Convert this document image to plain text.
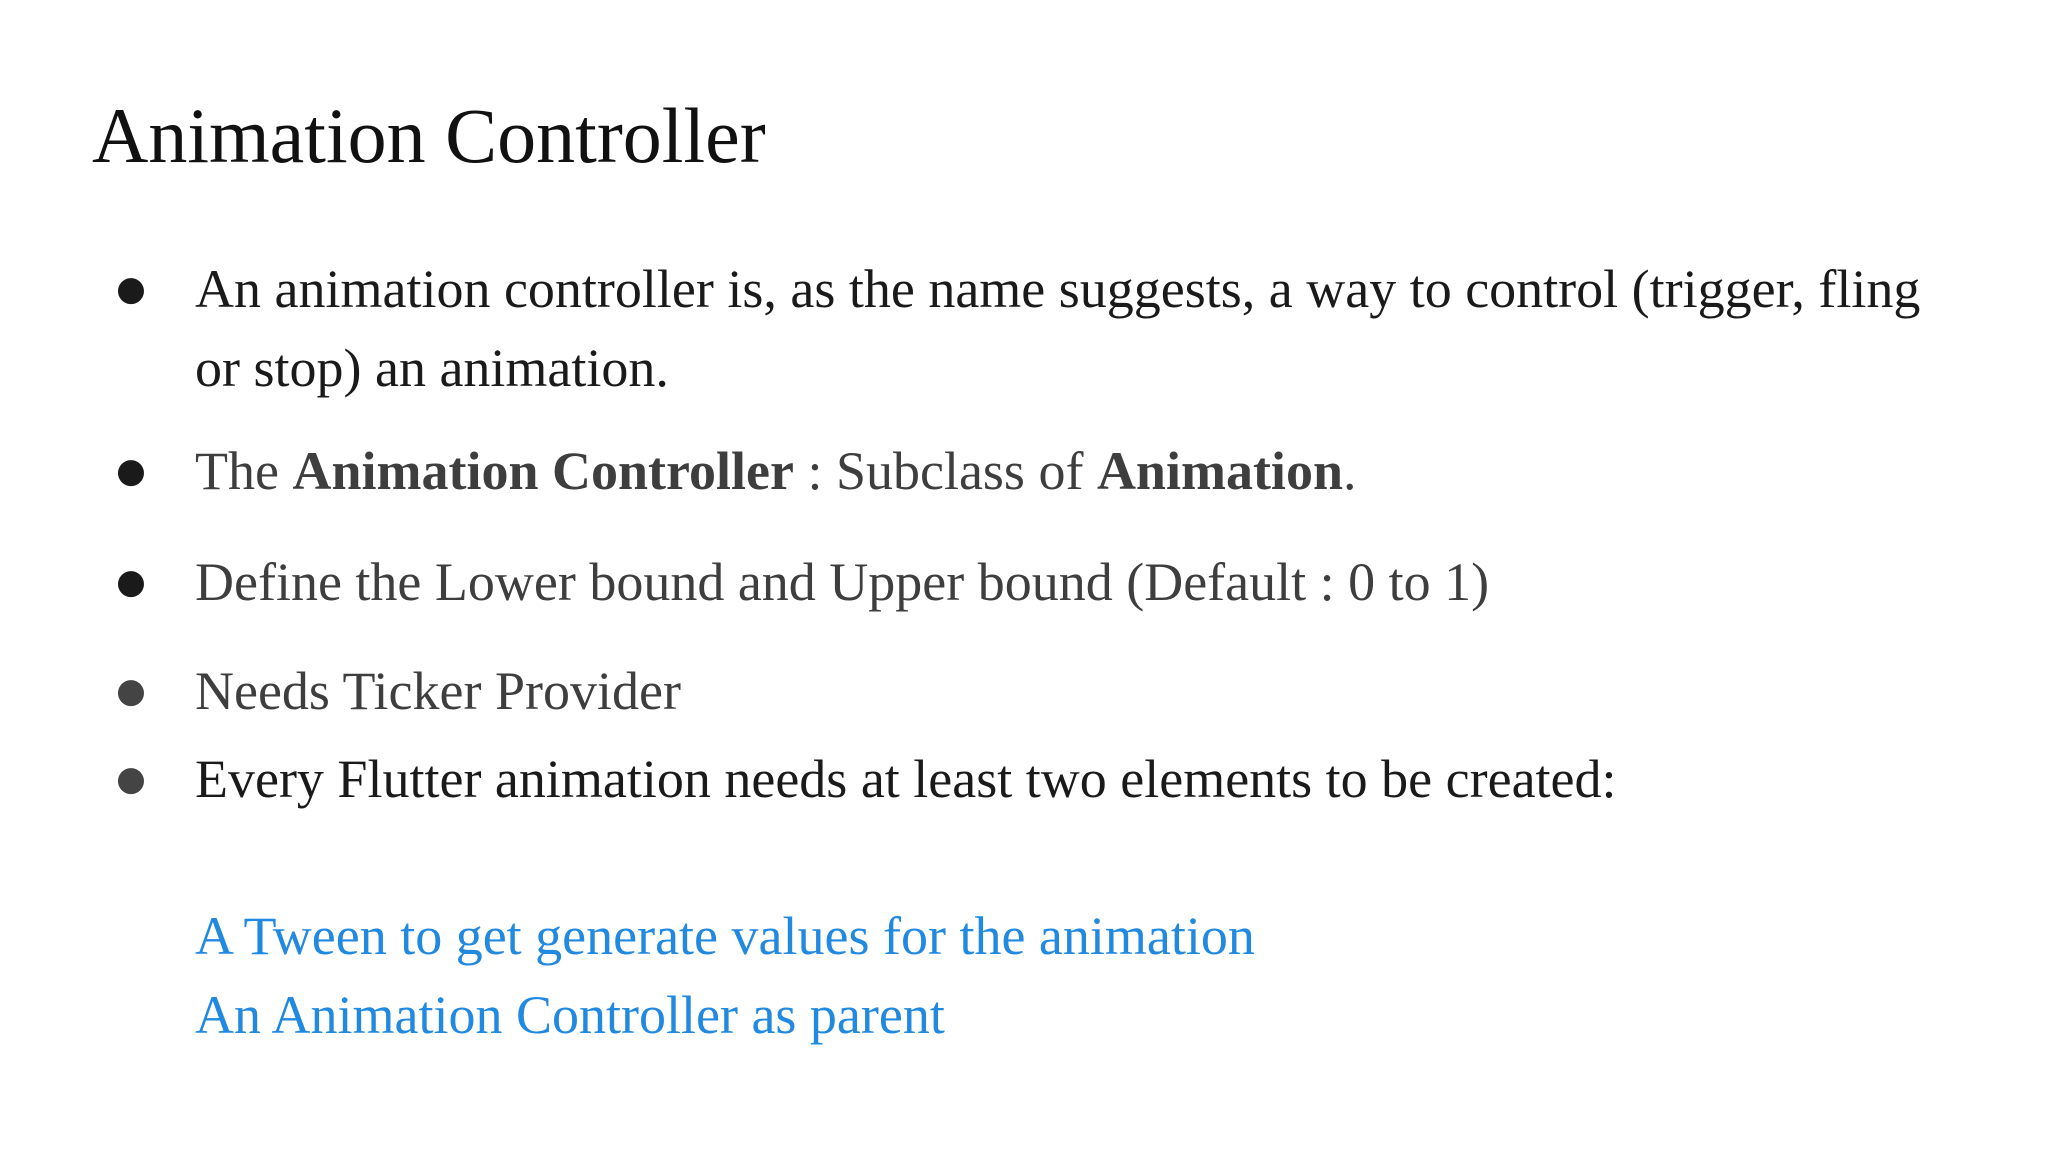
Animation Controller
● An animation controller is, as the name suggests, a way to control (trigger, fling or stop) an animation.
● The Animation Controller : Subclass of Animation.
● Define the Lower bound and Upper bound (Default : 0 to 1)
● Needs Ticker Provider
● Every Flutter animation needs at least two elements to be created:

A Tween to get generate values for the animation

An Animation Controller as parent
